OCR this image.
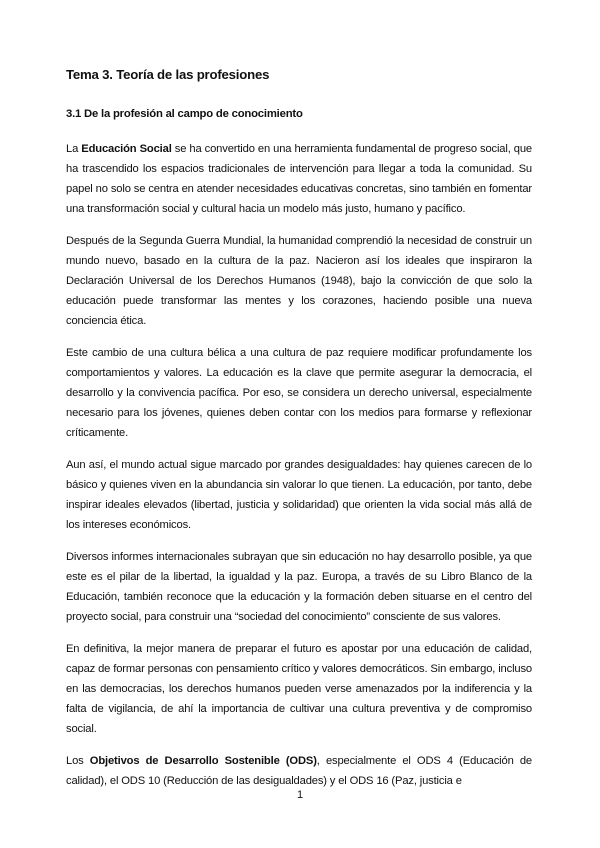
Tema 3. Teoría de las profesiones
3.1 De la profesión al campo de conocimiento

La Educación Social se ha convertido en una herramienta fundamental de progreso social, que ha trascendido los espacios tradicionales de intervención para llegar a toda la comunidad. Su papel no solo se centra en atender necesidades educativas concretas, sino también en fomentar una transformación social y cultural hacia un modelo más justo, humano y pacífico.

Después de la Segunda Guerra Mundial, la humanidad comprendió la necesidad de construir un mundo nuevo, basado en la cultura de la paz. Nacieron así los ideales que inspiraron la Declaración Universal de los Derechos Humanos (1948), bajo la convicción de que solo la educación puede transformar las mentes y los corazones, haciendo posible una nueva conciencia ética.

Este cambio de una cultura bélica a una cultura de paz requiere modificar profundamente los comportamientos y valores. La educación es la clave que permite asegurar la democracia, el desarrollo y la convivencia pacífica. Por eso, se considera un derecho universal, especialmente necesario para los jóvenes, quienes deben contar con los medios para formarse y reflexionar críticamente.

Aun así, el mundo actual sigue marcado por grandes desigualdades: hay quienes carecen de lo básico y quienes viven en la abundancia sin valorar lo que tienen. La educación, por tanto, debe inspirar ideales elevados (libertad, justicia y solidaridad) que orienten la vida social más allá de los intereses económicos.

Diversos informes internacionales subrayan que sin educación no hay desarrollo posible, ya que este es el pilar de la libertad, la igualdad y la paz. Europa, a través de su Libro Blanco de la Educación, también reconoce que la educación y la formación deben situarse en el centro del proyecto social, para construir una “sociedad del conocimiento” consciente de sus valores.

En definitiva, la mejor manera de preparar el futuro es apostar por una educación de calidad, capaz de formar personas con pensamiento crítico y valores democráticos. Sin embargo, incluso en las democracias, los derechos humanos pueden verse amenazados por la indiferencia y la falta de vigilancia, de ahí la importancia de cultivar una cultura preventiva y de compromiso social.

Los Objetivos de Desarrollo Sostenible (ODS), especialmente el ODS 4 (Educación de calidad), el ODS 10 (Reducción de las desigualdades) y el ODS 16 (Paz, justicia e

1
